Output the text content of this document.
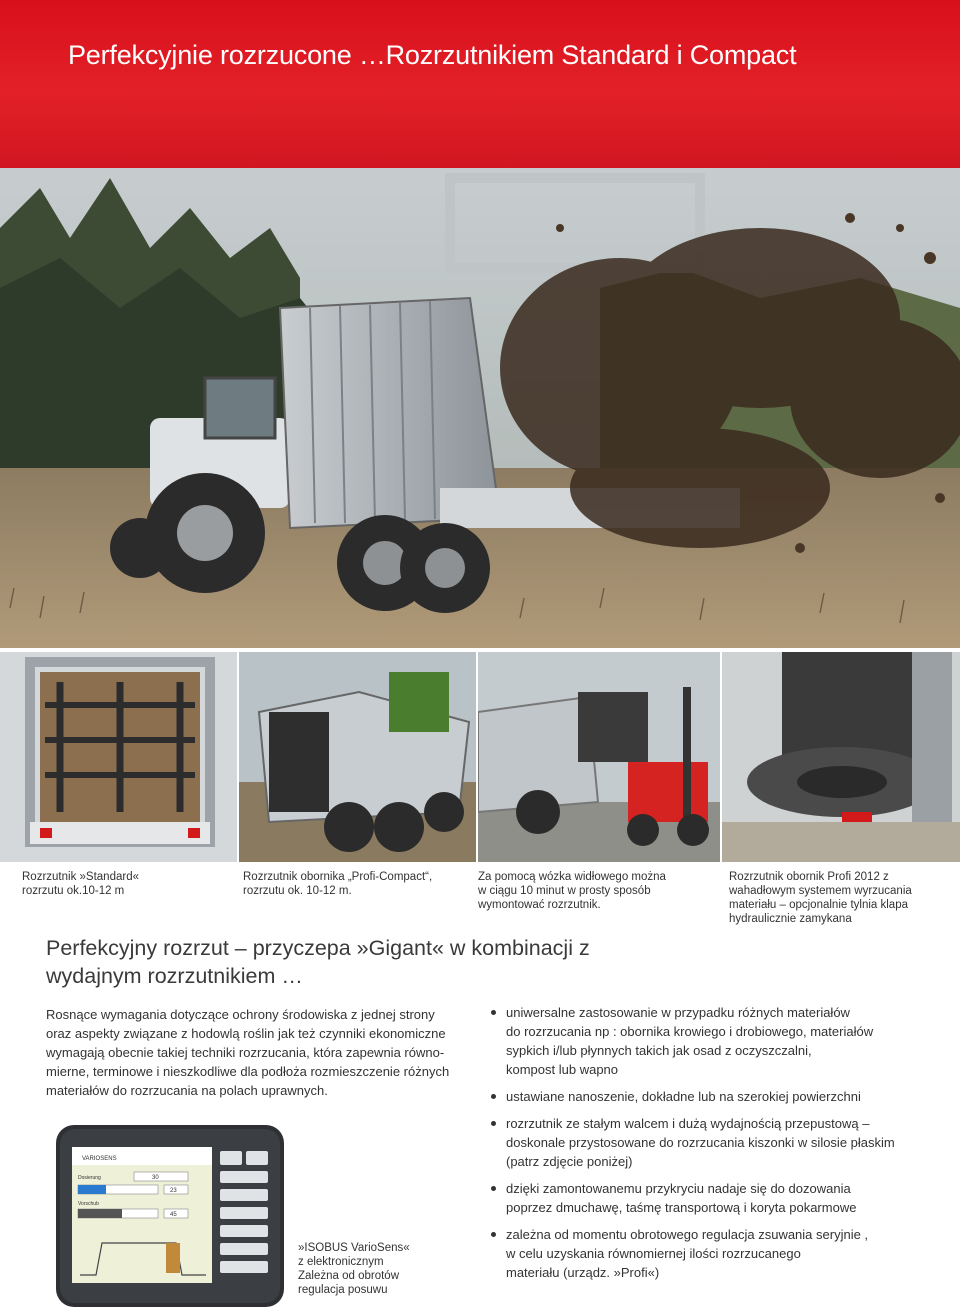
Perfekcyjnie rozrzucone …Rozrzutnikiem Standard i Compact
Rozrzutnik »Standard«
rozrzutu ok.10-12 m
Rozrzutnik obornika „Profi-Compact“,
rozrzutu ok. 10-12 m.
Za pomocą wózka widłowego można
w ciągu 10 minut w prosty sposób
wymontować rozrzutnik.
Rozrzutnik obornik Profi 2012 z
wahadłowym systemem wyrzucania
materiału – opcjonalnie tylnia klapa
hydraulicznie zamykana
Perfekcyjny rozrzut – przyczepa »Gigant« w kombinacji z
wydajnym rozrzutnikiem …
Rosnące wymagania dotyczące ochrony środowiska z jednej strony
oraz aspekty związane z hodowlą roślin jak też czynniki ekonomiczne
wymagają obecnie takiej techniki rozrzucania, która zapewnia równo-
mierne, terminowe i nieszkodliwe dla podłoża rozmieszczenie różnych
materiałów do rozrzucania na polach uprawnych.
uniwersalne zastosowanie w przypadku różnych materiałów
do rozrzucania np : obornika krowiego i drobiowego, materiałów
sypkich i/lub płynnych takich jak osad z oczyszczalni,
kompost lub wapno
ustawiane nanoszenie, dokładne lub na szerokiej powierzchni
rozrzutnik ze stałym walcem i dużą wydajnością przepustową –
doskonale przystosowane do rozrzucania kiszonki w silosie płaskim
(patrz zdjęcie poniżej)
dzięki zamontowanemu przykryciu nadaje się do dozowania
poprzez dmuchawę, taśmę transportową i koryta pokarmowe
zależna od momentu obrotowego regulacja zsuwania seryjnie ,
w celu uzyskania równomiernej ilości rozrzucanego
materiału (urządz. »Profi«)
VARIOSENS
Dosierung	30
23
Vorschub
45
»ISOBUS VarioSens«
z elektronicznym
Zależna od obrotów
regulacja posuwu
